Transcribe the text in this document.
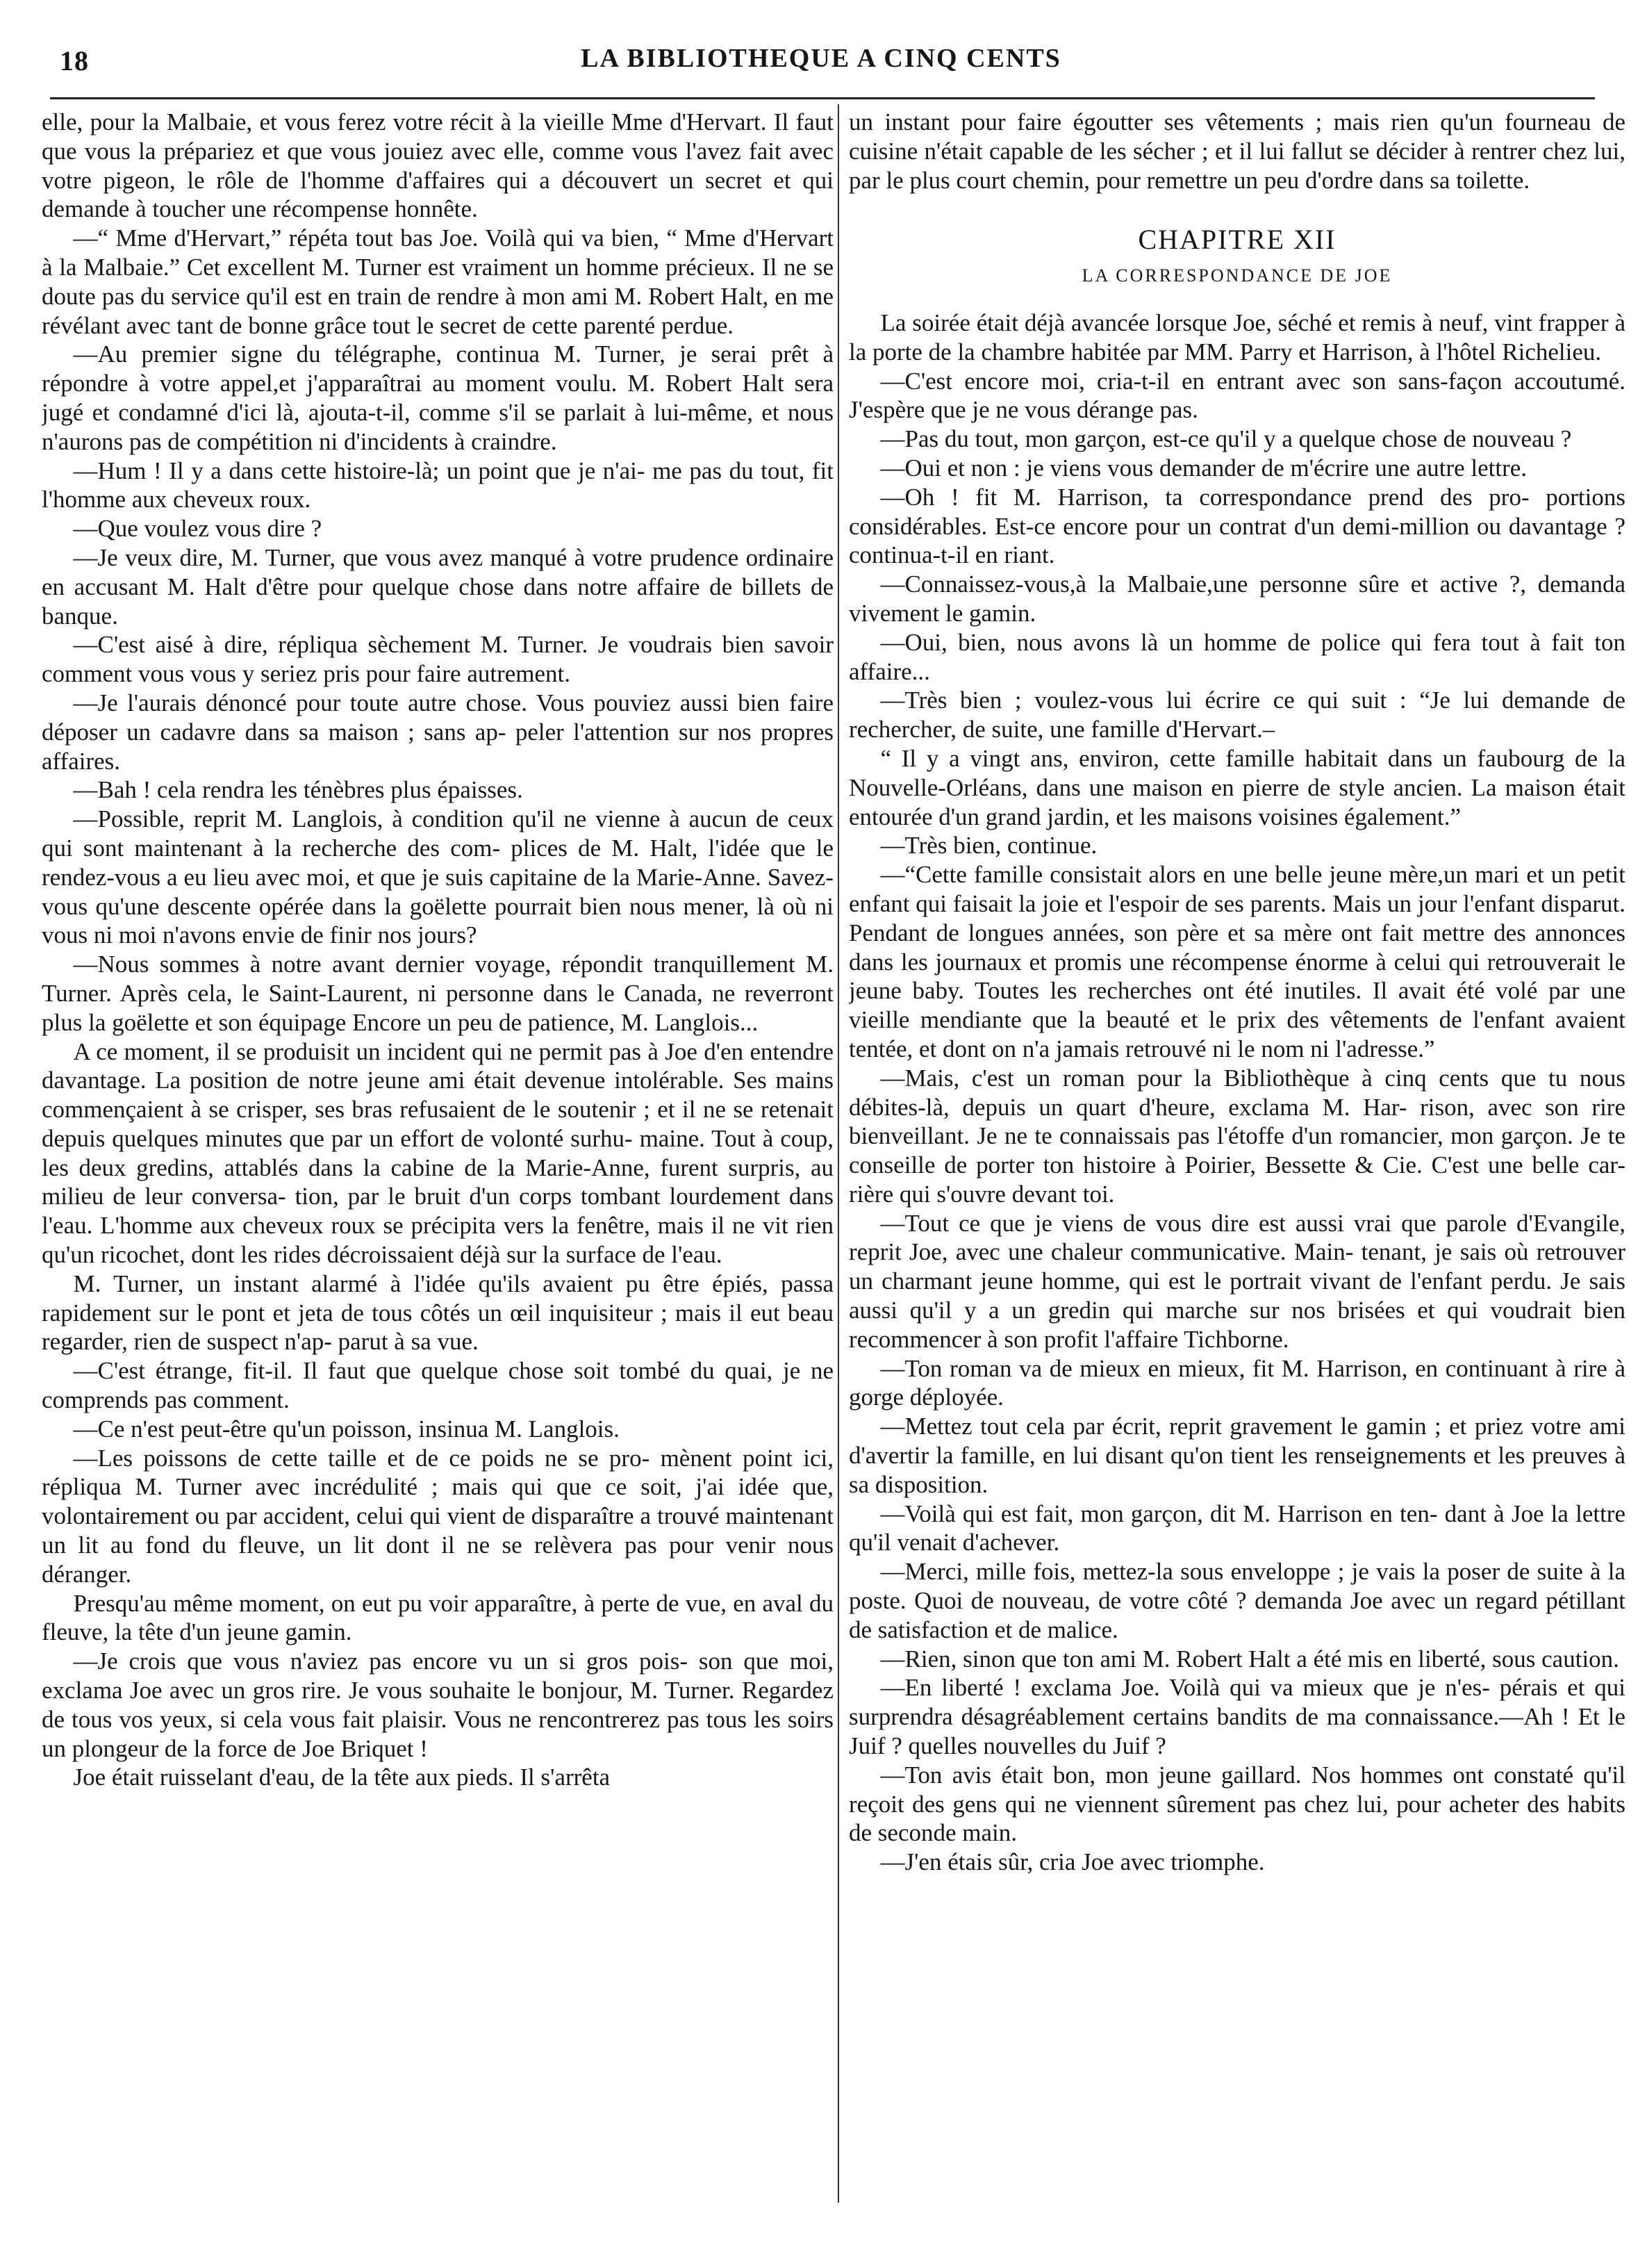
18	LA BIBLIOTHEQUE A CINQ CENTS

elle, pour la Malbaie, et vous ferez votre récit à la vieille Mme d'Hervart. Il faut que vous la prépariez et que vous jouiez avec elle, comme vous l'avez fait avec votre pigeon, le rôle de l'homme d'affaires qui a découvert un secret et qui demande à toucher une récompense honnête.

—“ Mme d'Hervart,” répéta tout bas Joe. Voilà qui va bien, “ Mme d'Hervart à la Malbaie.” Cet excellent M. Turner est vraiment un homme précieux. Il ne se doute pas du service qu'il est en train de rendre à mon ami M. Robert Halt, en me révélant avec tant de bonne grâce tout le secret de cette parenté perdue.

—Au premier signe du télégraphe, continua M. Turner, je serai prêt à répondre à votre appel,et j'apparaîtrai au moment voulu. M. Robert Halt sera jugé et condamné d'ici là, ajouta-t-il, comme s'il se parlait à lui-même, et nous n'aurons pas de compétition ni d'incidents à craindre.

—Hum ! Il y a dans cette histoire-là; un point que je n'ai- me pas du tout, fit l'homme aux cheveux roux.

—Que voulez vous dire ?

—Je veux dire, M. Turner, que vous avez manqué à votre prudence ordinaire en accusant M. Halt d'être pour quelque chose dans notre affaire de billets de banque.

—C'est aisé à dire, répliqua sèchement M. Turner. Je voudrais bien savoir comment vous vous y seriez pris pour faire autrement.

—Je l'aurais dénoncé pour toute autre chose. Vous pouviez aussi bien faire déposer un cadavre dans sa maison ; sans ap- peler l'attention sur nos propres affaires.

—Bah ! cela rendra les ténèbres plus épaisses.

—Possible, reprit M. Langlois, à condition qu'il ne vienne à aucun de ceux qui sont maintenant à la recherche des com- plices de M. Halt, l'idée que le rendez-vous a eu lieu avec moi, et que je suis capitaine de la Marie-Anne. Savez-vous qu'une descente opérée dans la goëlette pourrait bien nous mener, là où ni vous ni moi n'avons envie de finir nos jours?

—Nous sommes à notre avant dernier voyage, répondit tranquillement M. Turner. Après cela, le Saint-Laurent, ni personne dans le Canada, ne reverront plus la goëlette et son équipage Encore un peu de patience, M. Langlois...

A ce moment, il se produisit un incident qui ne permit pas à Joe d'en entendre davantage. La position de notre jeune ami était devenue intolérable. Ses mains commençaient à se crisper, ses bras refusaient de le soutenir ; et il ne se retenait depuis quelques minutes que par un effort de volonté surhu- maine. Tout à coup, les deux gredins, attablés dans la cabine de la Marie-Anne, furent surpris, au milieu de leur conversa- tion, par le bruit d'un corps tombant lourdement dans l'eau. L'homme aux cheveux roux se précipita vers la fenêtre, mais il ne vit rien qu'un ricochet, dont les rides décroissaient déjà sur la surface de l'eau.

M. Turner, un instant alarmé à l'idée qu'ils avaient pu être épiés, passa rapidement sur le pont et jeta de tous côtés un œil inquisiteur ; mais il eut beau regarder, rien de suspect n'ap- parut à sa vue.

—C'est étrange, fit-il. Il faut que quelque chose soit tombé du quai, je ne comprends pas comment.

—Ce n'est peut-être qu'un poisson, insinua M. Langlois.

—Les poissons de cette taille et de ce poids ne se pro- mènent point ici, répliqua M. Turner avec incrédulité ; mais qui que ce soit, j'ai idée que, volontairement ou par accident, celui qui vient de disparaître a trouvé maintenant un lit au fond du fleuve, un lit dont il ne se relèvera pas pour venir nous déranger.

Presqu'au même moment, on eut pu voir apparaître, à perte de vue, en aval du fleuve, la tête d'un jeune gamin.

—Je crois que vous n'aviez pas encore vu un si gros pois- son que moi, exclama Joe avec un gros rire. Je vous souhaite le bonjour, M. Turner. Regardez de tous vos yeux, si cela vous fait plaisir. Vous ne rencontrerez pas tous les soirs un plongeur de la force de Joe Briquet !

Joe était ruisselant d'eau, de la tête aux pieds. Il s'arrêta

un instant pour faire égoutter ses vêtements ; mais rien qu'un fourneau de cuisine n'était capable de les sécher ; et il lui fallut se décider à rentrer chez lui, par le plus court chemin, pour remettre un peu d'ordre dans sa toilette.

CHAPITRE XII
LA CORRESPONDANCE DE JOE

La soirée était déjà avancée lorsque Joe, séché et remis à neuf, vint frapper à la porte de la chambre habitée par MM. Parry et Harrison, à l'hôtel Richelieu.

—C'est encore moi, cria-t-il en entrant avec son sans-façon accoutumé. J'espère que je ne vous dérange pas.

—Pas du tout, mon garçon, est-ce qu'il y a quelque chose de nouveau ?

—Oui et non : je viens vous demander de m'écrire une autre lettre.

—Oh ! fit M. Harrison, ta correspondance prend des pro- portions considérables. Est-ce encore pour un contrat d'un demi-million ou davantage ? continua-t-il en riant.

—Connaissez-vous,à la Malbaie,une personne sûre et active ?, demanda vivement le gamin.

—Oui, bien, nous avons là un homme de police qui fera tout à fait ton affaire...

—Très bien ; voulez-vous lui écrire ce qui suit : “Je lui demande de rechercher, de suite, une famille d'Hervart.–

“ Il y a vingt ans, environ, cette famille habitait dans un faubourg de la Nouvelle-Orléans, dans une maison en pierre de style ancien. La maison était entourée d'un grand jardin, et les maisons voisines également.”

—Très bien, continue.

—“Cette famille consistait alors en une belle jeune mère,un mari et un petit enfant qui faisait la joie et l'espoir de ses parents. Mais un jour l'enfant disparut. Pendant de longues années, son père et sa mère ont fait mettre des annonces dans les journaux et promis une récompense énorme à celui qui retrouverait le jeune baby. Toutes les recherches ont été inutiles. Il avait été volé par une vieille mendiante que la beauté et le prix des vêtements de l'enfant avaient tentée, et dont on n'a jamais retrouvé ni le nom ni l'adresse.”

—Mais, c'est un roman pour la Bibliothèque à cinq cents que tu nous débites-là, depuis un quart d'heure, exclama M. Har- rison, avec son rire bienveillant. Je ne te connaissais pas l'étoffe d'un romancier, mon garçon. Je te conseille de porter ton histoire à Poirier, Bessette & Cie. C'est une belle car- rière qui s'ouvre devant toi.

—Tout ce que je viens de vous dire est aussi vrai que parole d'Evangile, reprit Joe, avec une chaleur communicative. Main- tenant, je sais où retrouver un charmant jeune homme, qui est le portrait vivant de l'enfant perdu. Je sais aussi qu'il y a un gredin qui marche sur nos brisées et qui voudrait bien recommencer à son profit l'affaire Tichborne.

—Ton roman va de mieux en mieux, fit M. Harrison, en continuant à rire à gorge déployée.

—Mettez tout cela par écrit, reprit gravement le gamin ; et priez votre ami d'avertir la famille, en lui disant qu'on tient les renseignements et les preuves à sa disposition.

—Voilà qui est fait, mon garçon, dit M. Harrison en ten- dant à Joe la lettre qu'il venait d'achever.

—Merci, mille fois, mettez-la sous enveloppe ; je vais la poser de suite à la poste. Quoi de nouveau, de votre côté ? demanda Joe avec un regard pétillant de satisfaction et de malice.

—Rien, sinon que ton ami M. Robert Halt a été mis en liberté, sous caution.

—En liberté ! exclama Joe. Voilà qui va mieux que je n'es- pérais et qui surprendra désagréablement certains bandits de ma connaissance.—Ah ! Et le Juif ? quelles nouvelles du Juif ?

—Ton avis était bon, mon jeune gaillard. Nos hommes ont constaté qu'il reçoit des gens qui ne viennent sûrement pas chez lui, pour acheter des habits de seconde main.

—J'en étais sûr, cria Joe avec triomphe.
